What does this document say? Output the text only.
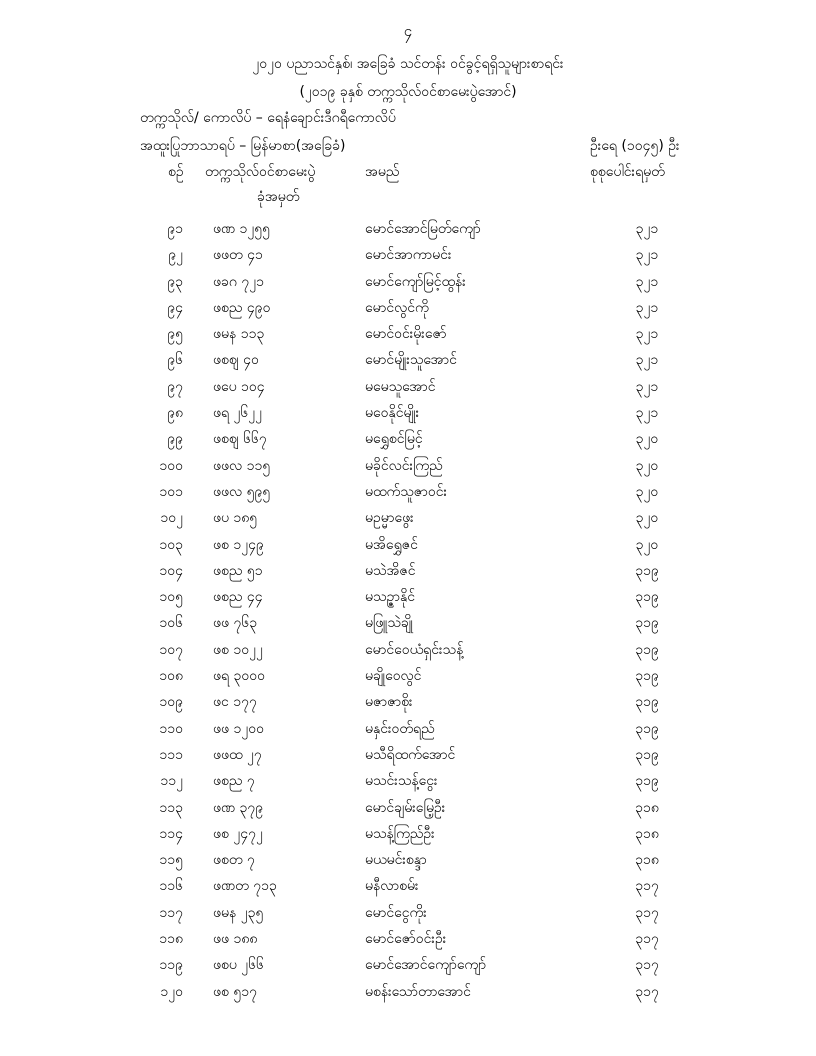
၄
၂၀၂၀ ပညာသင်နှစ်၊ အခြေခံ သင်တန်း ဝင်ခွင့်ရရှိသူများစာရင်း
(၂၀၁၉ ခုနှစ် တက္ကသိုလ်ဝင်စာမေးပွဲအောင်)
တက္ကသိုလ်/ ကောလိပ် – ရေနံချောင်းဒီဂရီကောလိပ်
အထူးပြုဘာသာရပ် – မြန်မာစာ(အခြေခံ)	ဦးရေ (၁၀၄၅) ဦး
စဉ် တက္ကသိုလ်ဝင်စာမေးပွဲ
ခုံအမှတ်
အမည်	စုစုပေါင်းရမှတ်
၉၁ ဖဏ ၁၂၅၅	မောင်အောင်မြတ်ကျော်	၃၂၁
၉၂ ဖဖတ ၄၁	မောင်အာကာမင်း	၃၂၁
၉၃ ဖခဂ ၇၂၁	မောင်ကျော်မြင့်ထွန်း	၃၂၁
၉၄ ဖစည ၄၉၀	မောင်လွင်ကို	၃၂၁
၉၅ ဖမန ၁၁၃	မောင်ဝင်းမိုးဇော်	၃၂၁
၉၆ ဖစဈ ၄၀	မောင်မျိုးသူအောင်	၃၂၁
၉၇ ဖပေ ၁၀၄	မမေသူအောင်	၃၂၁
၉၈ ဖရ ၂၆၂၂	မဝေနိုင်မျိုး	၃၂၁
၉၉ ဖစဈ ၆၆၇	မရွှေစင်မြင့်	၃၂၀
၁၀၀ ဖဖလ ၁၁၅	မခိုင်လင်းကြည်	၃၂၀
၁၀၁ ဖဖလ ၅၉၅	မထက်သူဇာဝင်း	၃၂၀
၁၀၂ ဖပ ၁၈၅	မဥမ္မာဖွေး	၃၂၀
၁၀၃ ဖစ ၁၂၄၉	မအိရွှေဇင်	၃၂၀
၁၀၄ ဖစည ၅၁	မသဲအိဇင်	၃၁၉
၁၀၅ ဖစည ၄၄	မသဉ္ဇာနိုင်	၃၁၉
၁၀၆ ဖဖ ၇၆၃	မဖြူသဲချို	၃၁၉
၁၀၇ ဖစ ၁၀၂၂	မောင်ဝေယံရှင်းသန့်	၃၁၉
၁၀၈ ဖရ ၃၀၀၀	မချိုဝေလွင်	၃၁၉
၁၀၉ ဖင ၁၇၇	မဇာဇာစိုး	၃၁၉
၁၁၀ ဖဖ ၁၂၀၀	မနှင်းဝတ်ရည်	၃၁၉
၁၁၁ ဖဖထ ၂၇	မသီရိထက်အောင်	၃၁၉
၁၁၂ ဖစည ၇	မသင်းသန့်ငွေး	၃၁၉
၁၁၃ ဖဏ ၃၇၉	မောင်ချမ်းမြေ့ဦး	၃၁၈
၁၁၄ ဖစ ၂၄၇၂	မသန့်ကြည်ဦး	၃၁၈
၁၁၅ ဖစတ ၇	မယမင်းစန္ဒာ	၃၁၈
၁၁၆ ဖဏတ ၇၁၃	မနီလာစမ်း	၃၁၇
၁၁၇ ဖမန ၂၃၅	မောင်ငွေကိုး	၃၁၇
၁၁၈ ဖဖ ၁၈၈	မောင်ဇော်ဝင်းဦး	၃၁၇
၁၁၉ ဖစပ ၂၆၆	မောင်အောင်ကျော်ကျော်	၃၁၇
၁၂၀ ဖစ ၅၁၇	မစန်းသော်တာအောင်	၃၁၇
